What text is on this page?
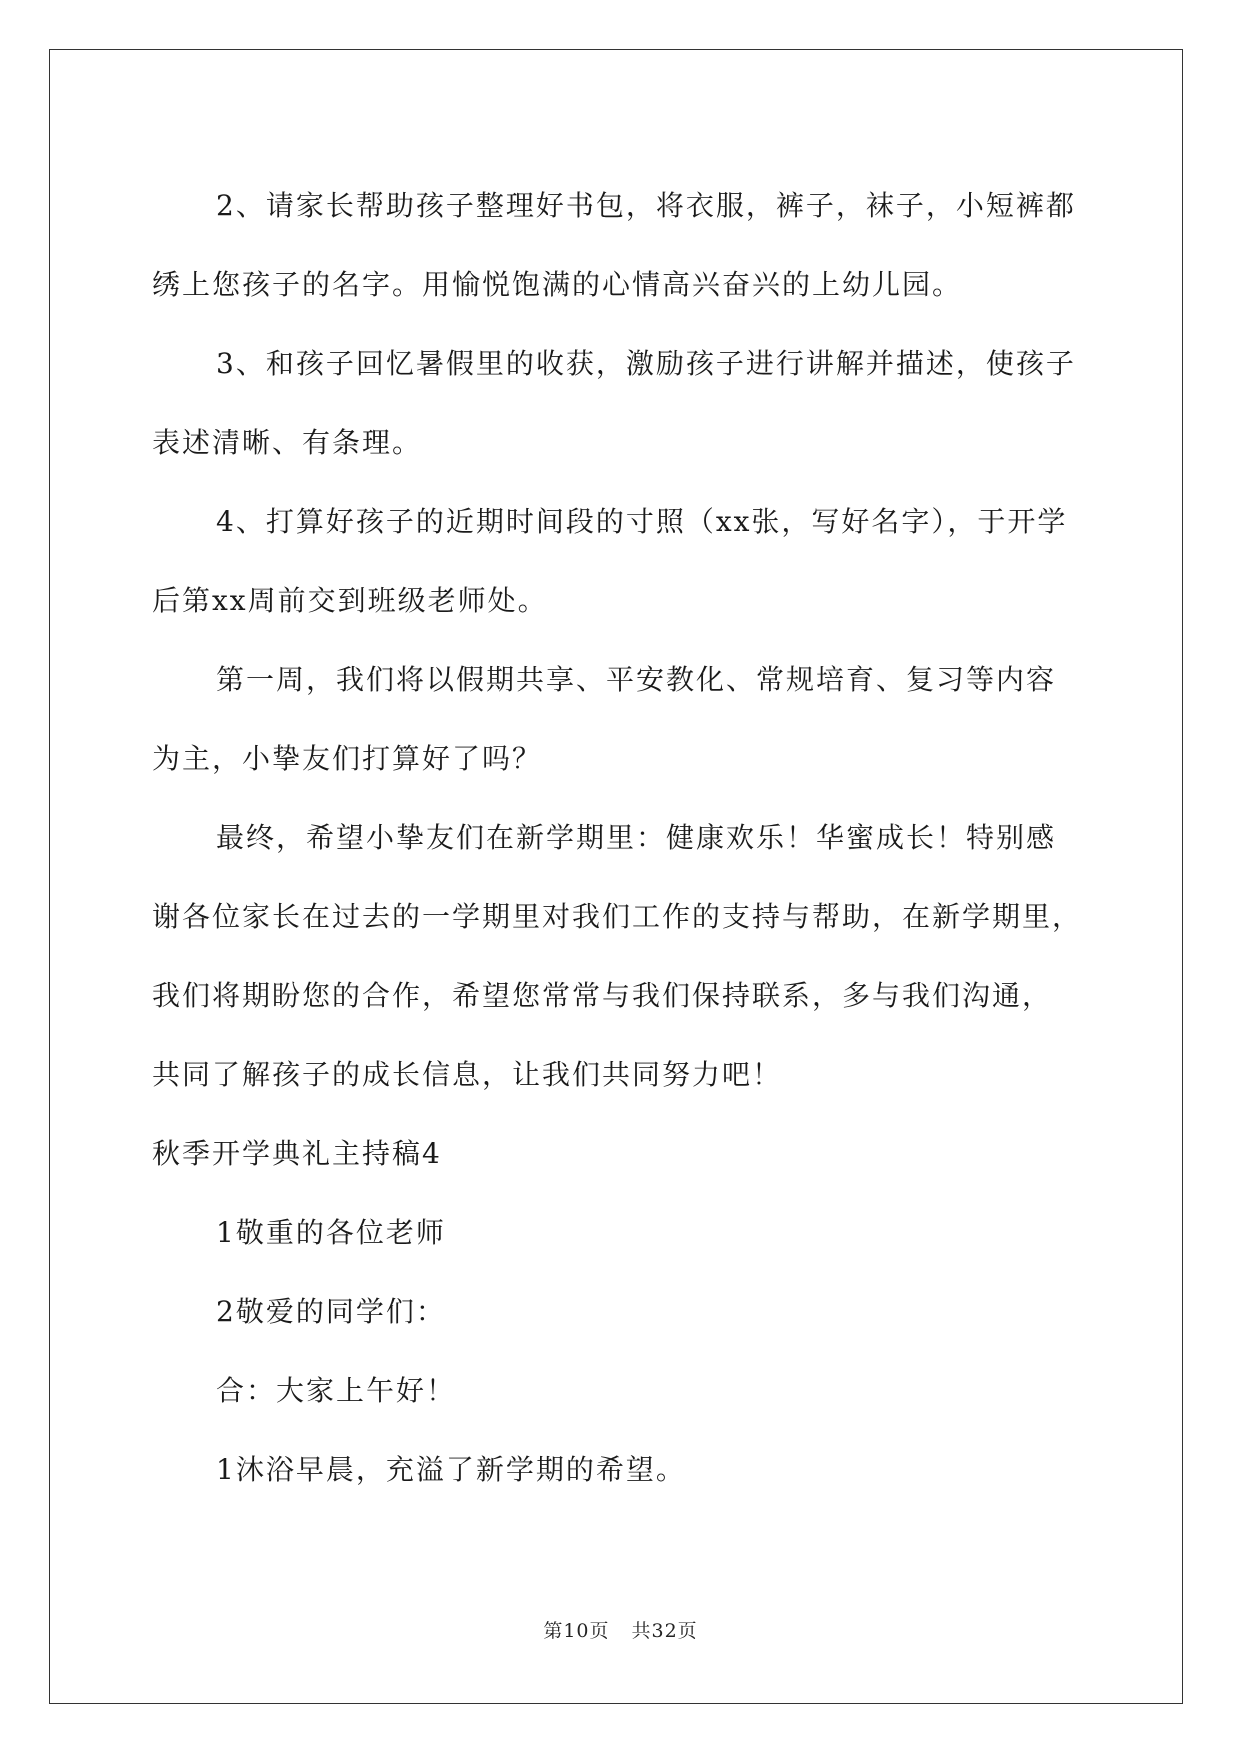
2、请家长帮助孩子整理好书包，将衣服，裤子，袜子，小短裤都
绣上您孩子的名字。用愉悦饱满的心情高兴奋兴的上幼儿园。

3、和孩子回忆暑假里的收获，激励孩子进行讲解并描述，使孩子
表述清晰、有条理。

4、打算好孩子的近期时间段的寸照（xx张，写好名字），于开学
后第xx周前交到班级老师处。

第一周，我们将以假期共享、平安教化、常规培育、复习等内容
为主，小挚友们打算好了吗？

最终，希望小挚友们在新学期里：健康欢乐！华蜜成长！特别感
谢各位家长在过去的一学期里对我们工作的支持与帮助，在新学期里，
我们将期盼您的合作，希望您常常与我们保持联系，多与我们沟通，
共同了解孩子的成长信息，让我们共同努力吧！

秋季开学典礼主持稿4

1敬重的各位老师

2敬爱的同学们：

合：大家上午好！

1沐浴早晨，充溢了新学期的希望。

第10页 共32页
